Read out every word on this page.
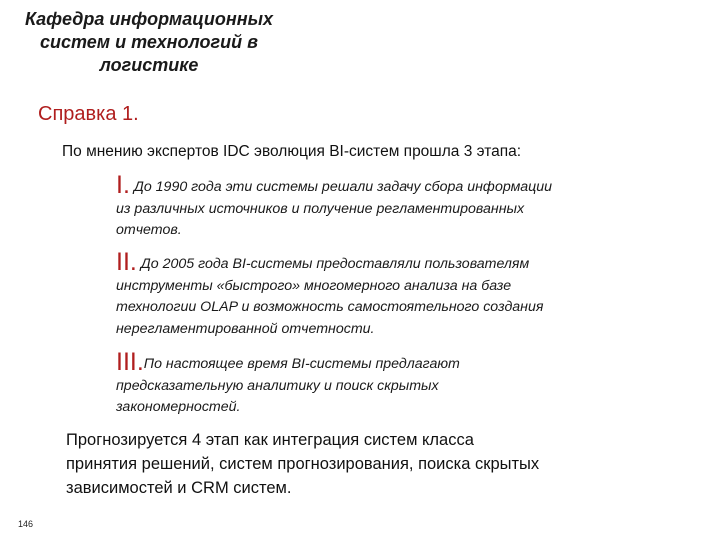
Кафедра информационных
систем и технологий в
логистике
Справка 1.
По мнению экспертов IDC эволюция BI-систем прошла 3 этапа:
I. До 1990 года эти системы решали задачу сбора информации
из различных источников и получение регламентированных
отчетов.
II. До 2005 года BI-системы предоставляли пользователям
инструменты «быстрого» многомерного анализа на базе
технологии OLAP и возможность самостоятельного создания
нерегламентированной отчетности.
III.По настоящее время BI-системы предлагают
предсказательную аналитику и поиск скрытых
закономерностей.
Прогнозируется 4 этап как интеграция систем класса
принятия решений, систем прогнозирования, поиска скрытых
зависимостей и CRM систем.
146
